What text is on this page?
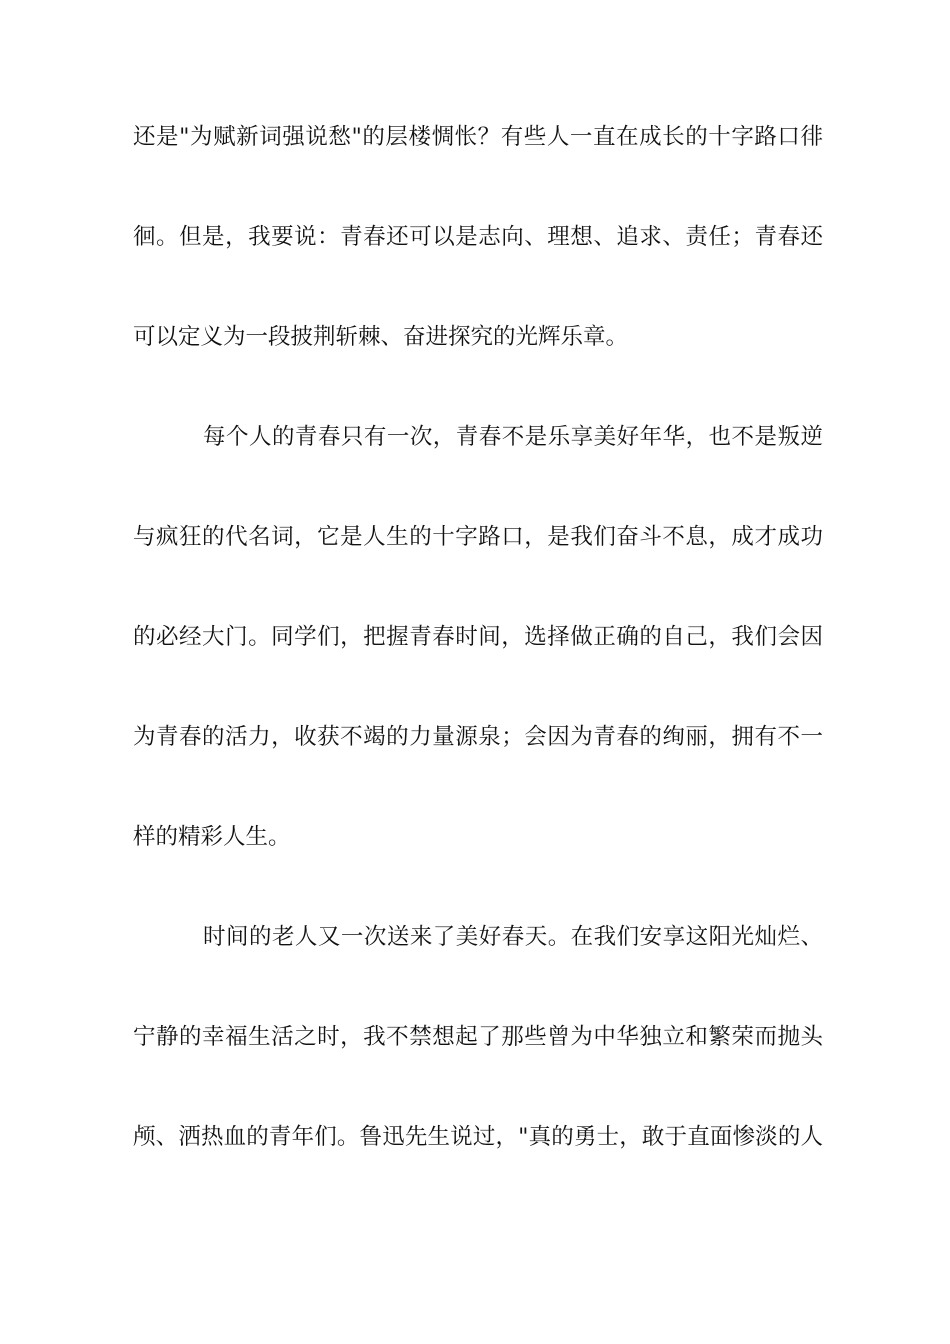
还是"为赋新词强说愁"的层楼惆怅？有些人一直在成长的十字路口徘
徊。但是，我要说：青春还可以是志向、理想、追求、责任；青春还
可以定义为一段披荆斩棘、奋进探究的光辉乐章。
每个人的青春只有一次，青春不是乐享美好年华，也不是叛逆
与疯狂的代名词，它是人生的十字路口，是我们奋斗不息，成才成功
的必经大门。同学们，把握青春时间，选择做正确的自己，我们会因
为青春的活力，收获不竭的力量源泉；会因为青春的绚丽，拥有不一
样的精彩人生。
时间的老人又一次送来了美好春天。在我们安享这阳光灿烂、
宁静的幸福生活之时，我不禁想起了那些曾为中华独立和繁荣而抛头
颅、洒热血的青年们。鲁迅先生说过，"真的勇士，敢于直面惨淡的人
